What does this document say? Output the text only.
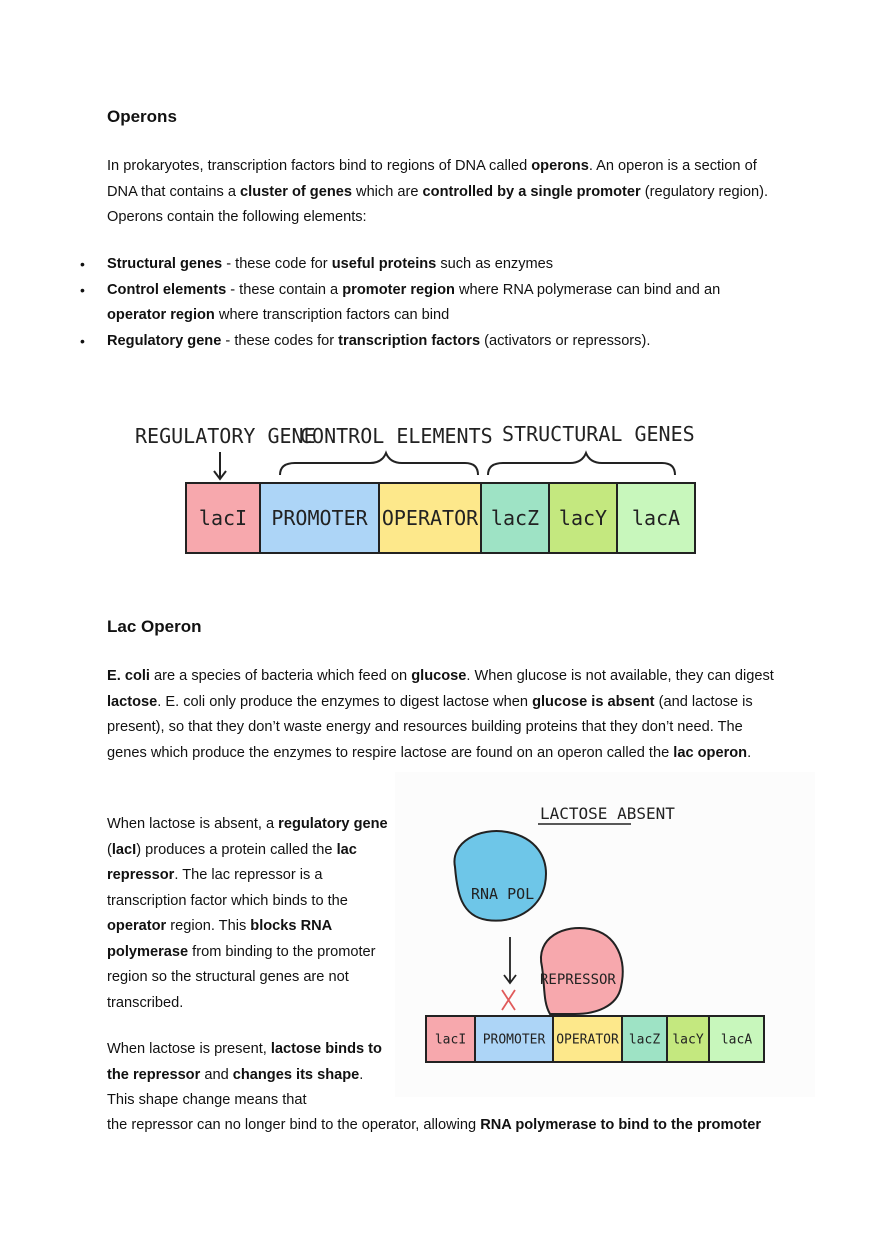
Operons

In prokaryotes, transcription factors bind to regions of DNA called operons. An operon is a section of DNA that contains a cluster of genes which are controlled by a single promoter (regulatory region). Operons contain the following elements:

• Structural genes - these code for useful proteins such as enzymes
• Control elements - these contain a promoter region where RNA polymerase can bind and an operator region where transcription factors can bind
• Regulatory gene - these codes for transcription factors (activators or repressors).
REGULATORY GENE
CONTROL ELEMENTS STRUCTURAL GENES
lacI PROMOTER OPERATOR lacZ lacY lacA
Lac Operon

E. coli are a species of bacteria which feed on glucose. When glucose is not available, they can digest lactose. E. coli only produce the enzymes to digest lactose when glucose is absent (and lactose is present), so that they don’t waste energy and resources building proteins that they don’t need. The genes which produce the enzymes to respire lactose are found on an operon called the lac operon.

When lactose is absent, a regulatory gene (lacI) produces a protein called the lac repressor. The lac repressor is a transcription factor which binds to the operator region. This blocks RNA polymerase from binding to the promoter region so the structural genes are not transcribed.

When lactose is present, lactose binds to the repressor and changes its shape. This shape change means that

the repressor can no longer bind to the operator, allowing RNA polymerase to bind to the promoter

LACTOSE ABSENT
RNA POL
REPRESSOR
lacI PROMOTER OPERATOR lacZ lacY lacA
